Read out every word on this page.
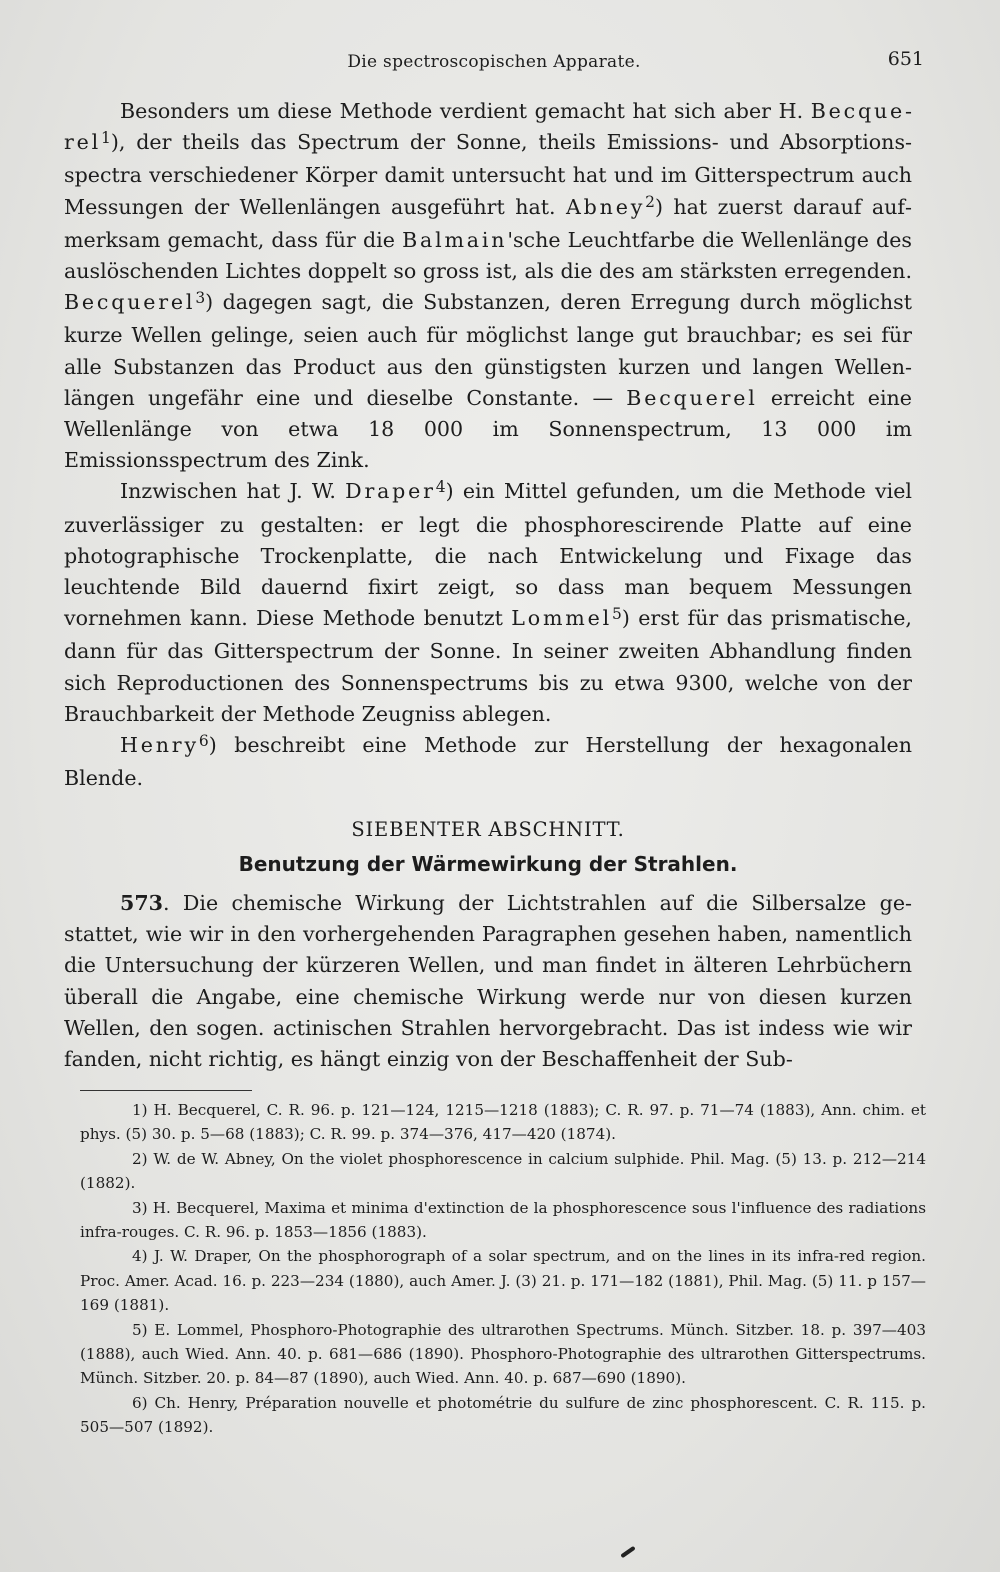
Die spectroscopischen Apparate.	651

Besonders um diese Methode verdient gemacht hat sich aber H. Becquerel$^1$), der theils das Spectrum der Sonne, theils Emissions- und Absorptionsspectra verschiedener Körper damit untersucht hat und im Gitterspectrum auch Messungen der Wellenlängen ausgeführt hat. Abney$^2$) hat zuerst darauf aufmerksam gemacht, dass für die Balmain'sche Leuchtfarbe die Wellenlänge des auslöschenden Lichtes doppelt so gross ist, als die des am stärksten erregenden. Becquerel$^3$) dagegen sagt, die Substanzen, deren Erregung durch möglichst kurze Wellen gelinge, seien auch für möglichst lange gut brauchbar; es sei für alle Substanzen das Product aus den günstigsten kurzen und langen Wellenlängen ungefähr eine und dieselbe Constante. — Becquerel erreicht eine Wellenlänge von etwa 18 000 im Sonnenspectrum, 13 000 im Emissionsspectrum des Zink.

Inzwischen hat J. W. Draper$^4$) ein Mittel gefunden, um die Methode viel zuverlässiger zu gestalten: er legt die phosphorescirende Platte auf eine photographische Trockenplatte, die nach Entwickelung und Fixage das leuchtende Bild dauernd fixirt zeigt, so dass man bequem Messungen vornehmen kann. Diese Methode benutzt Lommel$^5$) erst für das prismatische, dann für das Gitterspectrum der Sonne. In seiner zweiten Abhandlung finden sich Reproductionen des Sonnenspectrums bis zu etwa 9300, welche von der Brauchbarkeit der Methode Zeugniss ablegen.

Henry$^6$) beschreibt eine Methode zur Herstellung der hexagonalen Blende.

SIEBENTER ABSCHNITT.
Benutzung der Wärmewirkung der Strahlen.

573. Die chemische Wirkung der Lichtstrahlen auf die Silbersalze gestattet, wie wir in den vorhergehenden Paragraphen gesehen haben, namentlich die Untersuchung der kürzeren Wellen, und man findet in älteren Lehrbüchern überall die Angabe, eine chemische Wirkung werde nur von diesen kurzen Wellen, den sogen. actinischen Strahlen hervorgebracht. Das ist indess wie wir fanden, nicht richtig, es hängt einzig von der Beschaffenheit der Sub-

1) H. Becquerel, C. R. 96. p. 121—124, 1215—1218 (1883); C. R. 97. p. 71—74 (1883), Ann. chim. et phys. (5) 30. p. 5—68 (1883); C. R. 99. p. 374—376, 417—420 (1874).

2) W. de W. Abney, On the violet phosphorescence in calcium sulphide. Phil. Mag. (5) 13. p. 212—214 (1882).

3) H. Becquerel, Maxima et minima d'extinction de la phosphorescence sous l'influence des radiations infra-rouges. C. R. 96. p. 1853—1856 (1883).

4) J. W. Draper, On the phosphorograph of a solar spectrum, and on the lines in its infra-red region. Proc. Amer. Acad. 16. p. 223—234 (1880), auch Amer. J. (3) 21. p. 171—182 (1881), Phil. Mag. (5) 11. p 157—169 (1881).

5) E. Lommel, Phosphoro-Photographie des ultrarothen Spectrums. Münch. Sitzber. 18. p. 397—403 (1888), auch Wied. Ann. 40. p. 681—686 (1890). Phosphoro-Photographie des ultrarothen Gitterspectrums. Münch. Sitzber. 20. p. 84—87 (1890), auch Wied. Ann. 40. p. 687—690 (1890).

6) Ch. Henry, Préparation nouvelle et photométrie du sulfure de zinc phosphorescent. C. R. 115. p. 505—507 (1892).
